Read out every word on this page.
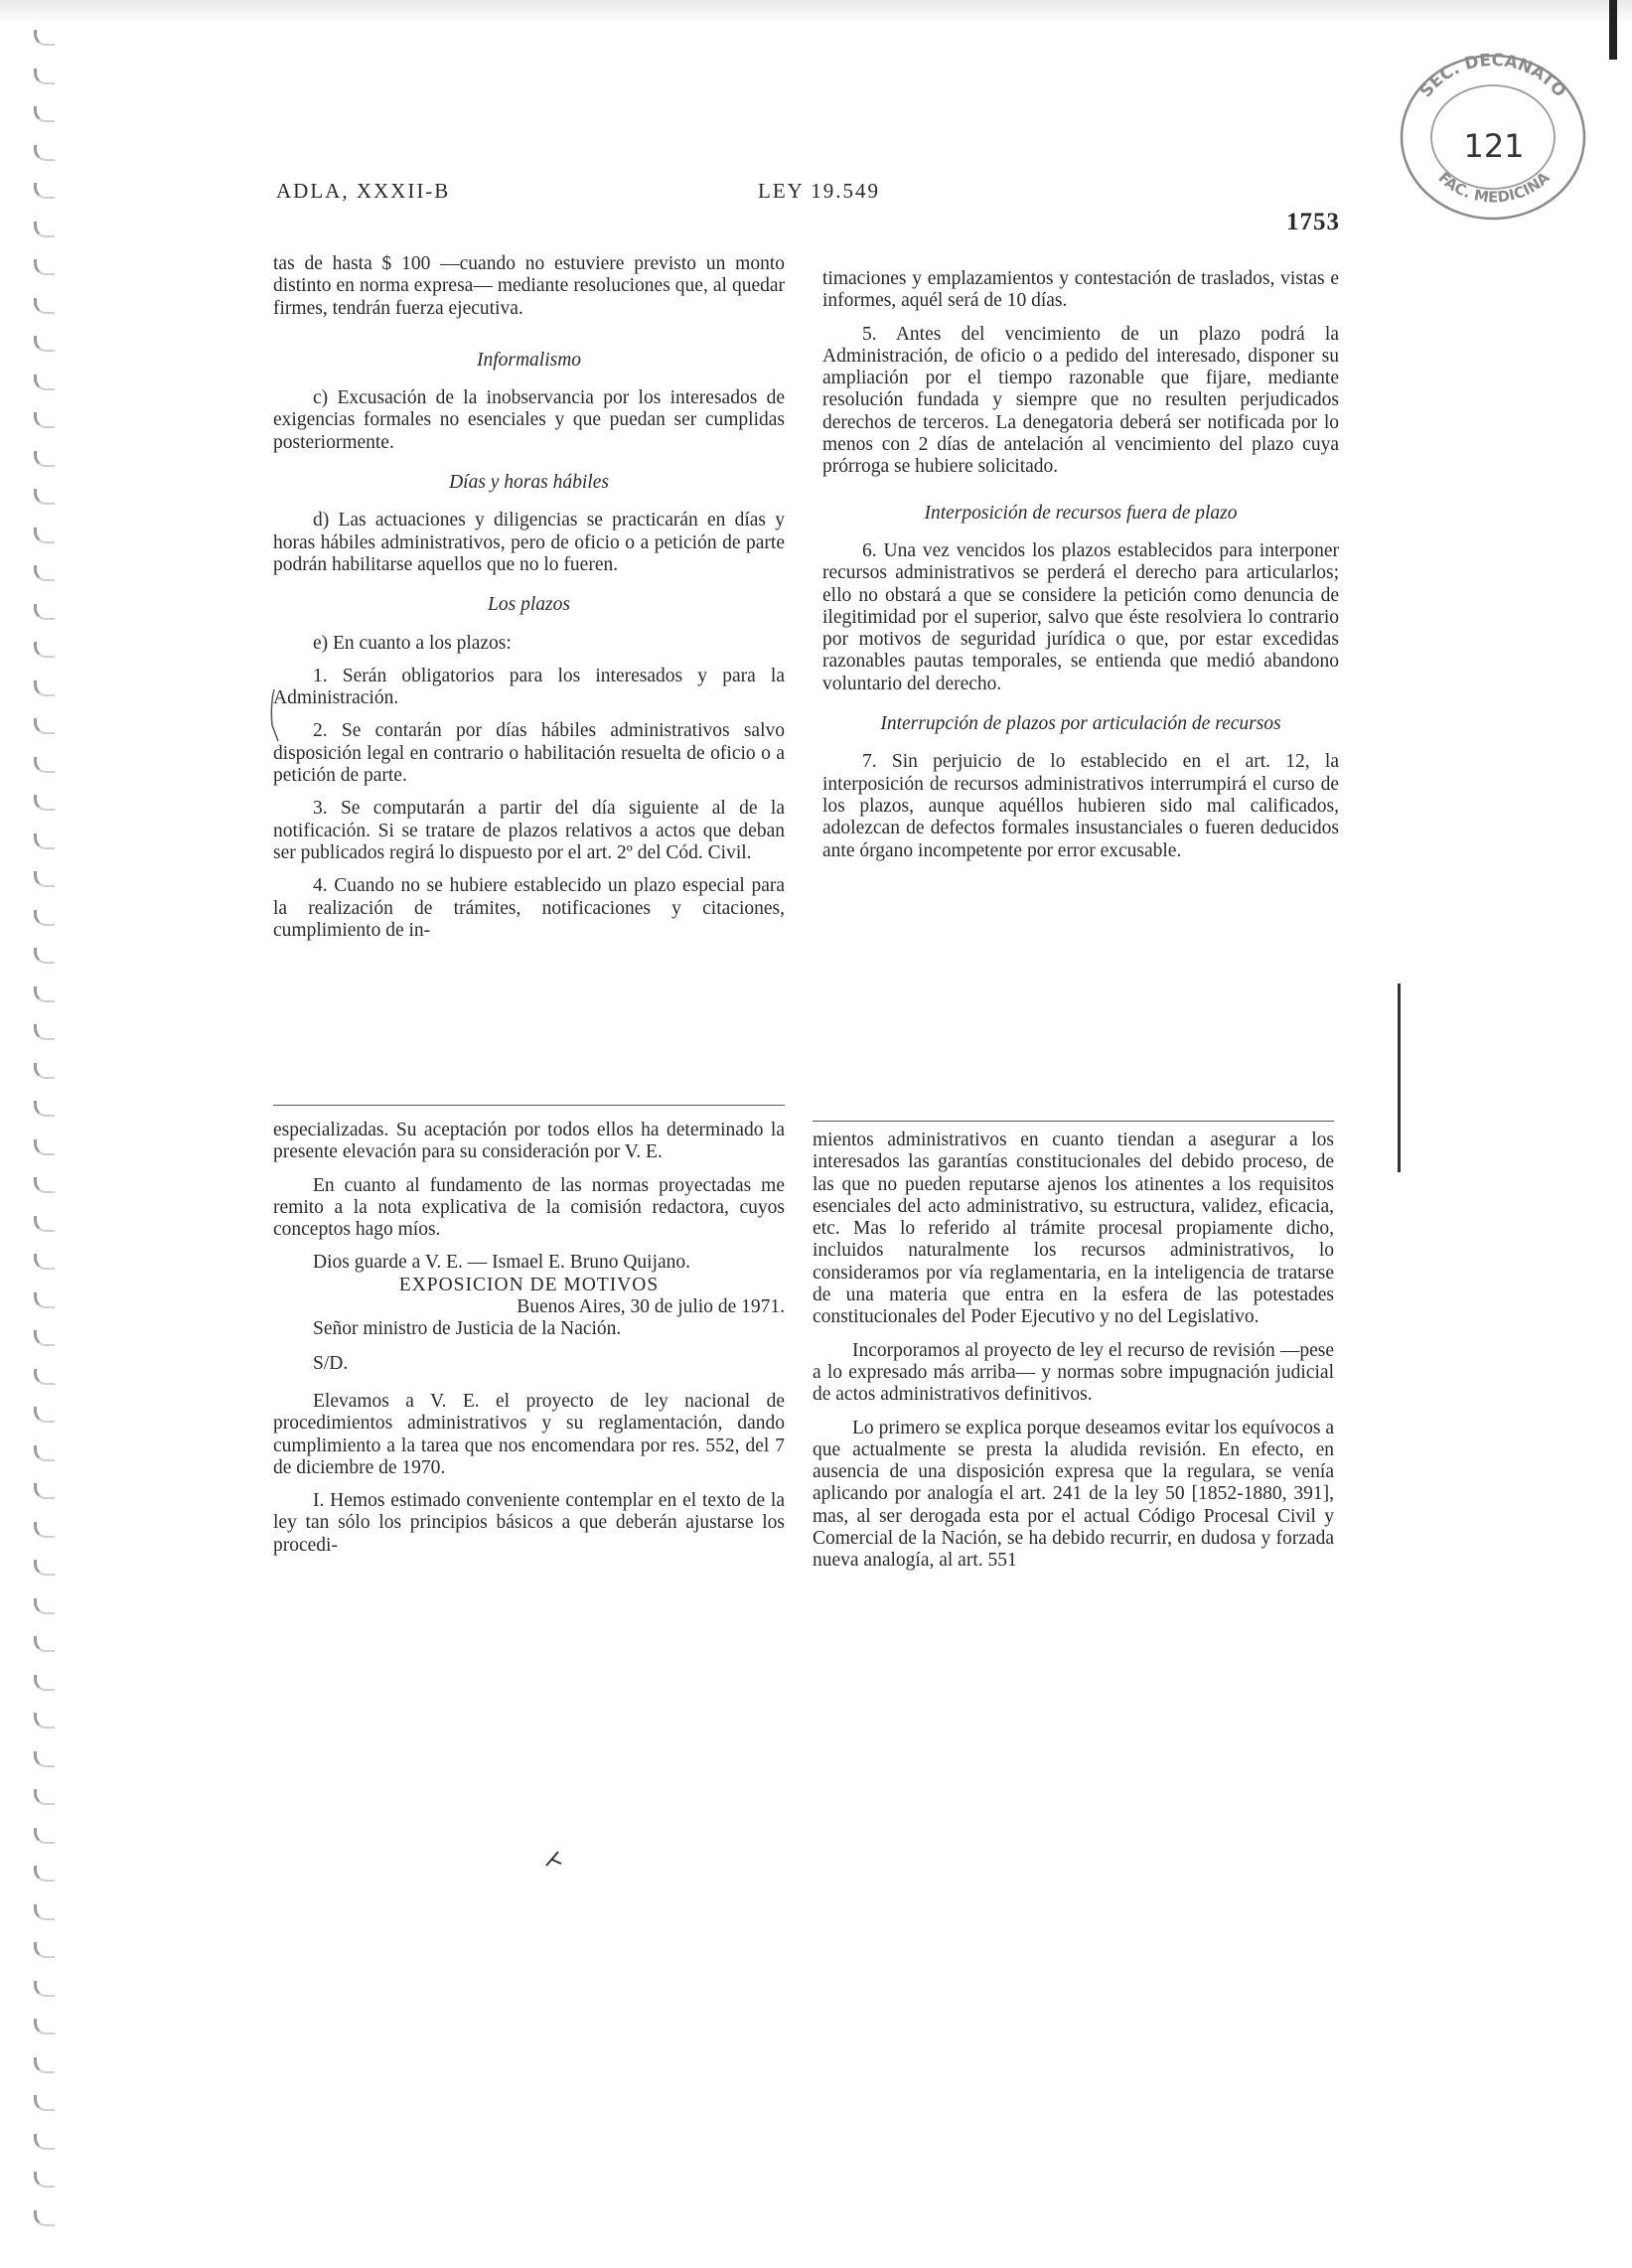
ADLA, XXXII-B	LEY 19.549
1753
SEC. DECANATO
FAC. MEDICINA
121

tas de hasta $ 100 —cuando no estuviere previsto un monto distinto en norma expresa— mediante resoluciones que, al quedar firmes, tendrán fuerza ejecutiva.

Informalismo

c) Excusación de la inobservancia por los interesados de exigencias formales no esenciales y que puedan ser cumplidas posteriormente.

Días y horas hábiles

d) Las actuaciones y diligencias se practicarán en días y horas hábiles administrativos, pero de oficio o a petición de parte podrán habilitarse aquellos que no lo fueren.

Los plazos

e) En cuanto a los plazos:

1. Serán obligatorios para los interesados y para la Administración.

2. Se contarán por días hábiles administrativos salvo disposición legal en contrario o habilitación resuelta de oficio o a petición de parte.

3. Se computarán a partir del día siguiente al de la notificación. Si se tratare de plazos relativos a actos que deban ser publicados regirá lo dispuesto por el art. 2º del Cód. Civil.

4. Cuando no se hubiere establecido un plazo especial para la realización de trámites, notificaciones y citaciones, cumplimiento de in-

timaciones y emplazamientos y contestación de traslados, vistas e informes, aquél será de 10 días.

5. Antes del vencimiento de un plazo podrá la Administración, de oficio o a pedido del interesado, disponer su ampliación por el tiempo razonable que fijare, mediante resolución fundada y siempre que no resulten perjudicados derechos de terceros. La denegatoria deberá ser notificada por lo menos con 2 días de antelación al vencimiento del plazo cuya prórroga se hubiere solicitado.

Interposición de recursos fuera de plazo

6. Una vez vencidos los plazos establecidos para interponer recursos administrativos se perderá el derecho para articularlos; ello no obstará a que se considere la petición como denuncia de ilegitimidad por el superior, salvo que éste resolviera lo contrario por motivos de seguridad jurídica o que, por estar excedidas razonables pautas temporales, se entienda que medió abandono voluntario del derecho.

Interrupción de plazos por articulación de recursos

7. Sin perjuicio de lo establecido en el art. 12, la interposición de recursos administrativos interrumpirá el curso de los plazos, aunque aquéllos hubieren sido mal calificados, adolezcan de defectos formales insustanciales o fueren deducidos ante órgano incompetente por error excusable.

especializadas. Su aceptación por todos ellos ha determinado la presente elevación para su consideración por V. E.

En cuanto al fundamento de las normas proyectadas me remito a la nota explicativa de la comisión redactora, cuyos conceptos hago míos.

Dios guarde a V. E. — Ismael E. Bruno Quijano.

EXPOSICION DE MOTIVOS

Buenos Aires, 30 de julio de 1971.

Señor ministro de Justicia de la Nación.

S/D.

Elevamos a V. E. el proyecto de ley nacional de procedimientos administrativos y su reglamentación, dando cumplimiento a la tarea que nos encomendara por res. 552, del 7 de diciembre de 1970.

I. Hemos estimado conveniente contemplar en el texto de la ley tan sólo los principios básicos a que deberán ajustarse los procedi-

mientos administrativos en cuanto tiendan a asegurar a los interesados las garantías constitucionales del debido proceso, de las que no pueden reputarse ajenos los atinentes a los requisitos esenciales del acto administrativo, su estructura, validez, eficacia, etc. Mas lo referido al trámite procesal propiamente dicho, incluidos naturalmente los recursos administrativos, lo consideramos por vía reglamentaria, en la inteligencia de tratarse de una materia que entra en la esfera de las potestades constitucionales del Poder Ejecutivo y no del Legislativo.

Incorporamos al proyecto de ley el recurso de revisión —pese a lo expresado más arriba— y normas sobre impugnación judicial de actos administrativos definitivos.

Lo primero se explica porque deseamos evitar los equívocos a que actualmente se presta la aludida revisión. En efecto, en ausencia de una disposición expresa que la regulara, se venía aplicando por analogía el art. 241 de la ley 50 [1852-1880, 391], mas, al ser derogada esta por el actual Código Procesal Civil y Comercial de la Nación, se ha debido recurrir, en dudosa y forzada nueva analogía, al art. 551
